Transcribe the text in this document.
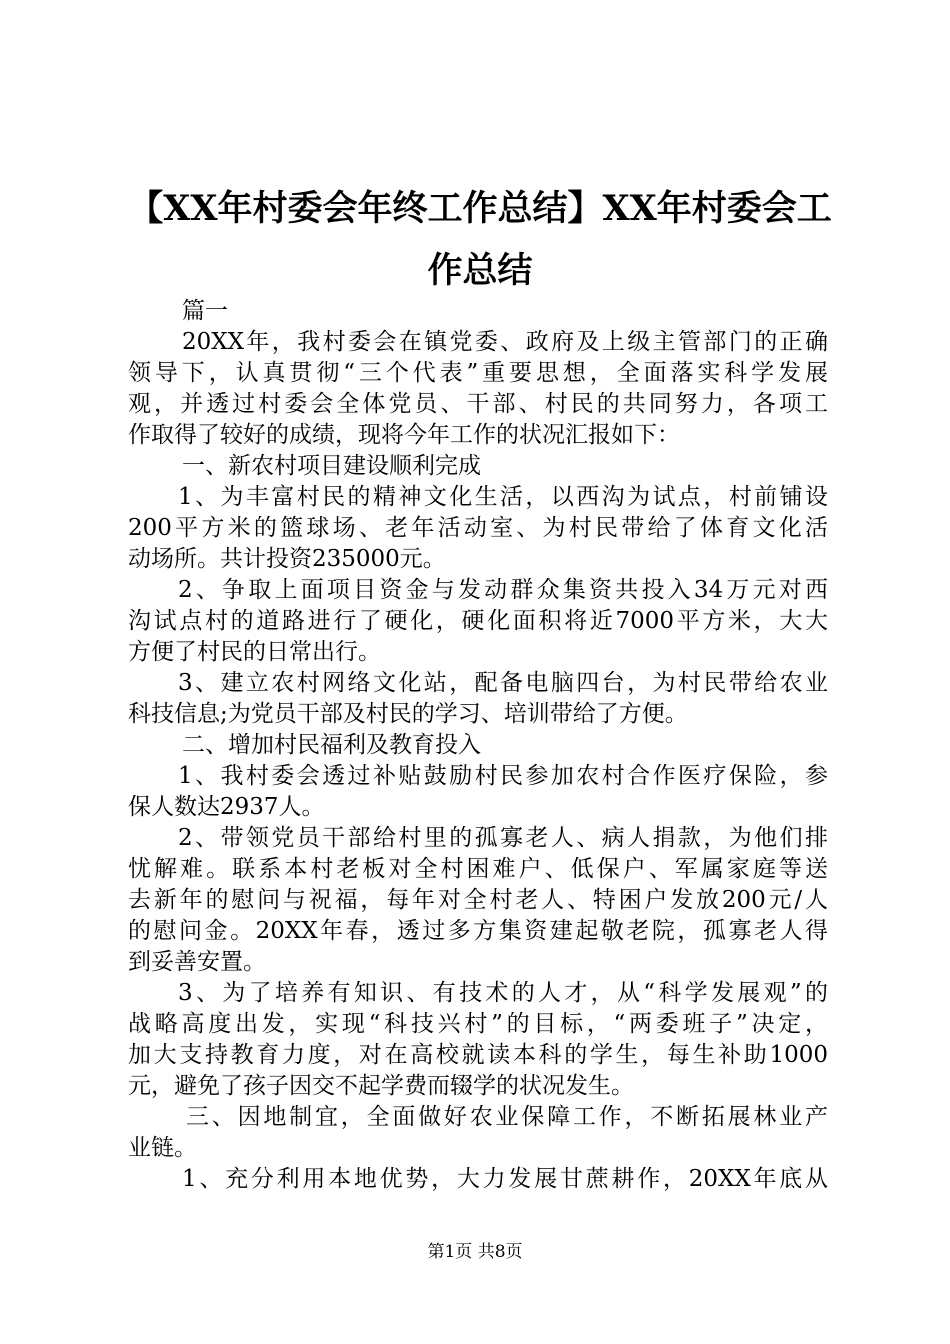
【XX年村委会年终工作总结】XX年村委会工
作总结
篇一
20XX年，我村委会在镇党委、政府及上级主管部门的正确
领导下，认真贯彻“三个代表”重要思想，全面落实科学发展
观，并透过村委会全体党员、干部、村民的共同努力，各项工
作取得了较好的成绩，现将今年工作的状况汇报如下：
一、新农村项目建设顺利完成
1、为丰富村民的精神文化生活，以西沟为试点，村前铺设
200平方米的篮球场、老年活动室、为村民带给了体育文化活
动场所。共计投资235000元。
2、争取上面项目资金与发动群众集资共投入34万元对西
沟试点村的道路进行了硬化，硬化面积将近7000平方米，大大
方便了村民的日常出行。
3、建立农村网络文化站，配备电脑四台，为村民带给农业
科技信息;为党员干部及村民的学习、培训带给了方便。
二、增加村民福利及教育投入
1、我村委会透过补贴鼓励村民参加农村合作医疗保险，参
保人数达2937人。
2、带领党员干部给村里的孤寡老人、病人捐款，为他们排
忧解难。联系本村老板对全村困难户、低保户、军属家庭等送
去新年的慰问与祝福，每年对全村老人、特困户发放200元/人
的慰问金。20XX年春，透过多方集资建起敬老院，孤寡老人得
到妥善安置。
3、为了培养有知识、有技术的人才，从“科学发展观”的
战略高度出发，实现“科技兴村”的目标，“两委班子”决定，
加大支持教育力度，对在高校就读本科的学生，每生补助1000
元，避免了孩子因交不起学费而辍学的状况发生。
三、因地制宜，全面做好农业保障工作，不断拓展林业产
业链。
1、充分利用本地优势，大力发展甘蔗耕作，20XX年底从
第1页 共8页
